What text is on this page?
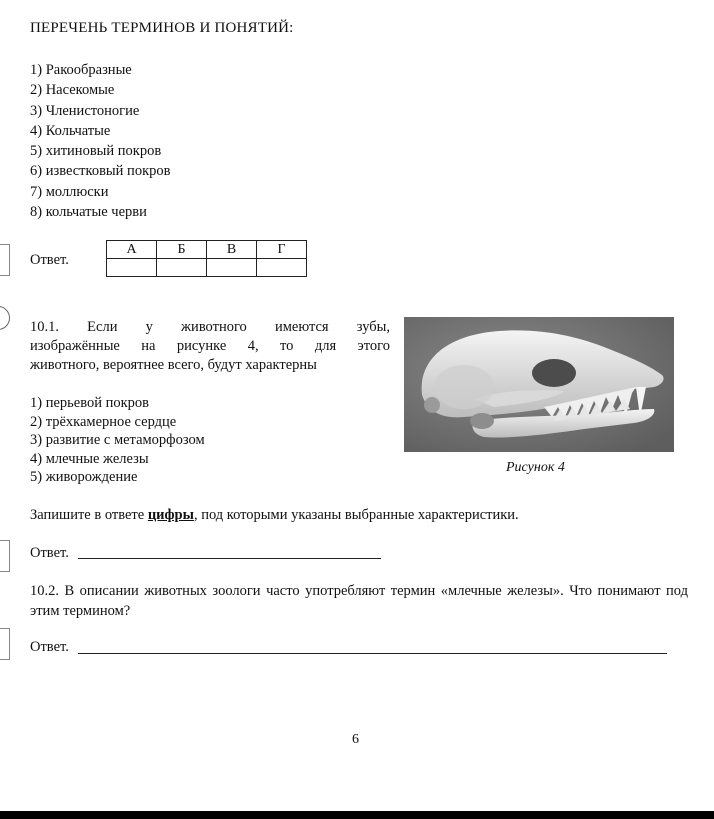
ПЕРЕЧЕНЬ ТЕРМИНОВ И ПОНЯТИЙ:
1) Ракообразные
2) Насекомые
3) Членистоногие
4) Кольчатые
5) хитиновый покров
6) известковый покров
7) моллюски
8) кольчатые черви
Ответ.
А	Б	В	Г

10.1. Если у животного имеются зубы,
изображённые на рисунке 4, то для этого
животного, вероятнее всего, будут характерны
1) перьевой покров
2) трёхкамерное сердце
3) развитие с метаморфозом
4) млечные железы
5) живорождение
Рисунок 4
Запишите в ответе цифры, под которыми указаны выбранные характеристики.
Ответ.
10.2. В описании животных зоологи часто употребляют термин «млечные железы». Что понимают под этим термином?
Ответ.
6
